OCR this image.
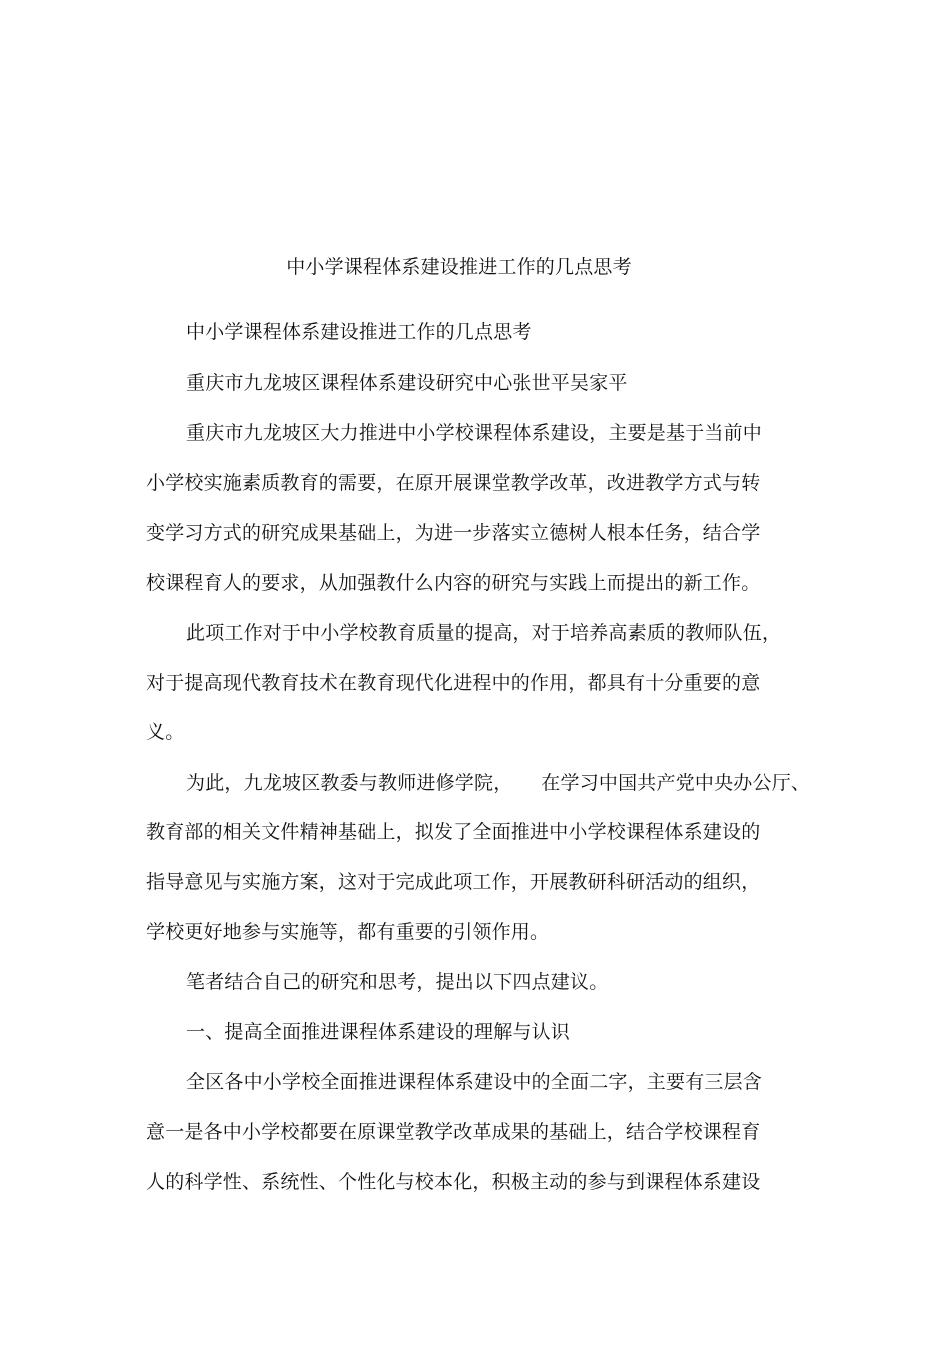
中小学课程体系建设推进工作的几点思考
中小学课程体系建设推进工作的几点思考
重庆市九龙坡区课程体系建设研究中心张世平吴家平
重庆市九龙坡区大力推进中小学校课程体系建设，主要是基于当前中
小学校实施素质教育的需要，在原开展课堂教学改革，改进教学方式与转
变学习方式的研究成果基础上，为进一步落实立德树人根本任务，结合学
校课程育人的要求，从加强教什么内容的研究与实践上而提出的新工作。
此项工作对于中小学校教育质量的提高，对于培养高素质的教师队伍，
对于提高现代教育技术在教育现代化进程中的作用，都具有十分重要的意
义。
为此，九龙坡区教委与教师进修学院，　　在学习中国共产党中央办公厅、
教育部的相关文件精神基础上，拟发了全面推进中小学校课程体系建设的
指导意见与实施方案，这对于完成此项工作，开展教研科研活动的组织，
学校更好地参与实施等，都有重要的引领作用。
笔者结合自己的研究和思考，提出以下四点建议。
一、提高全面推进课程体系建设的理解与认识
全区各中小学校全面推进课程体系建设中的全面二字，主要有三层含
意一是各中小学校都要在原课堂教学改革成果的基础上，结合学校课程育
人的科学性、系统性、个性化与校本化，积极主动的参与到课程体系建设
